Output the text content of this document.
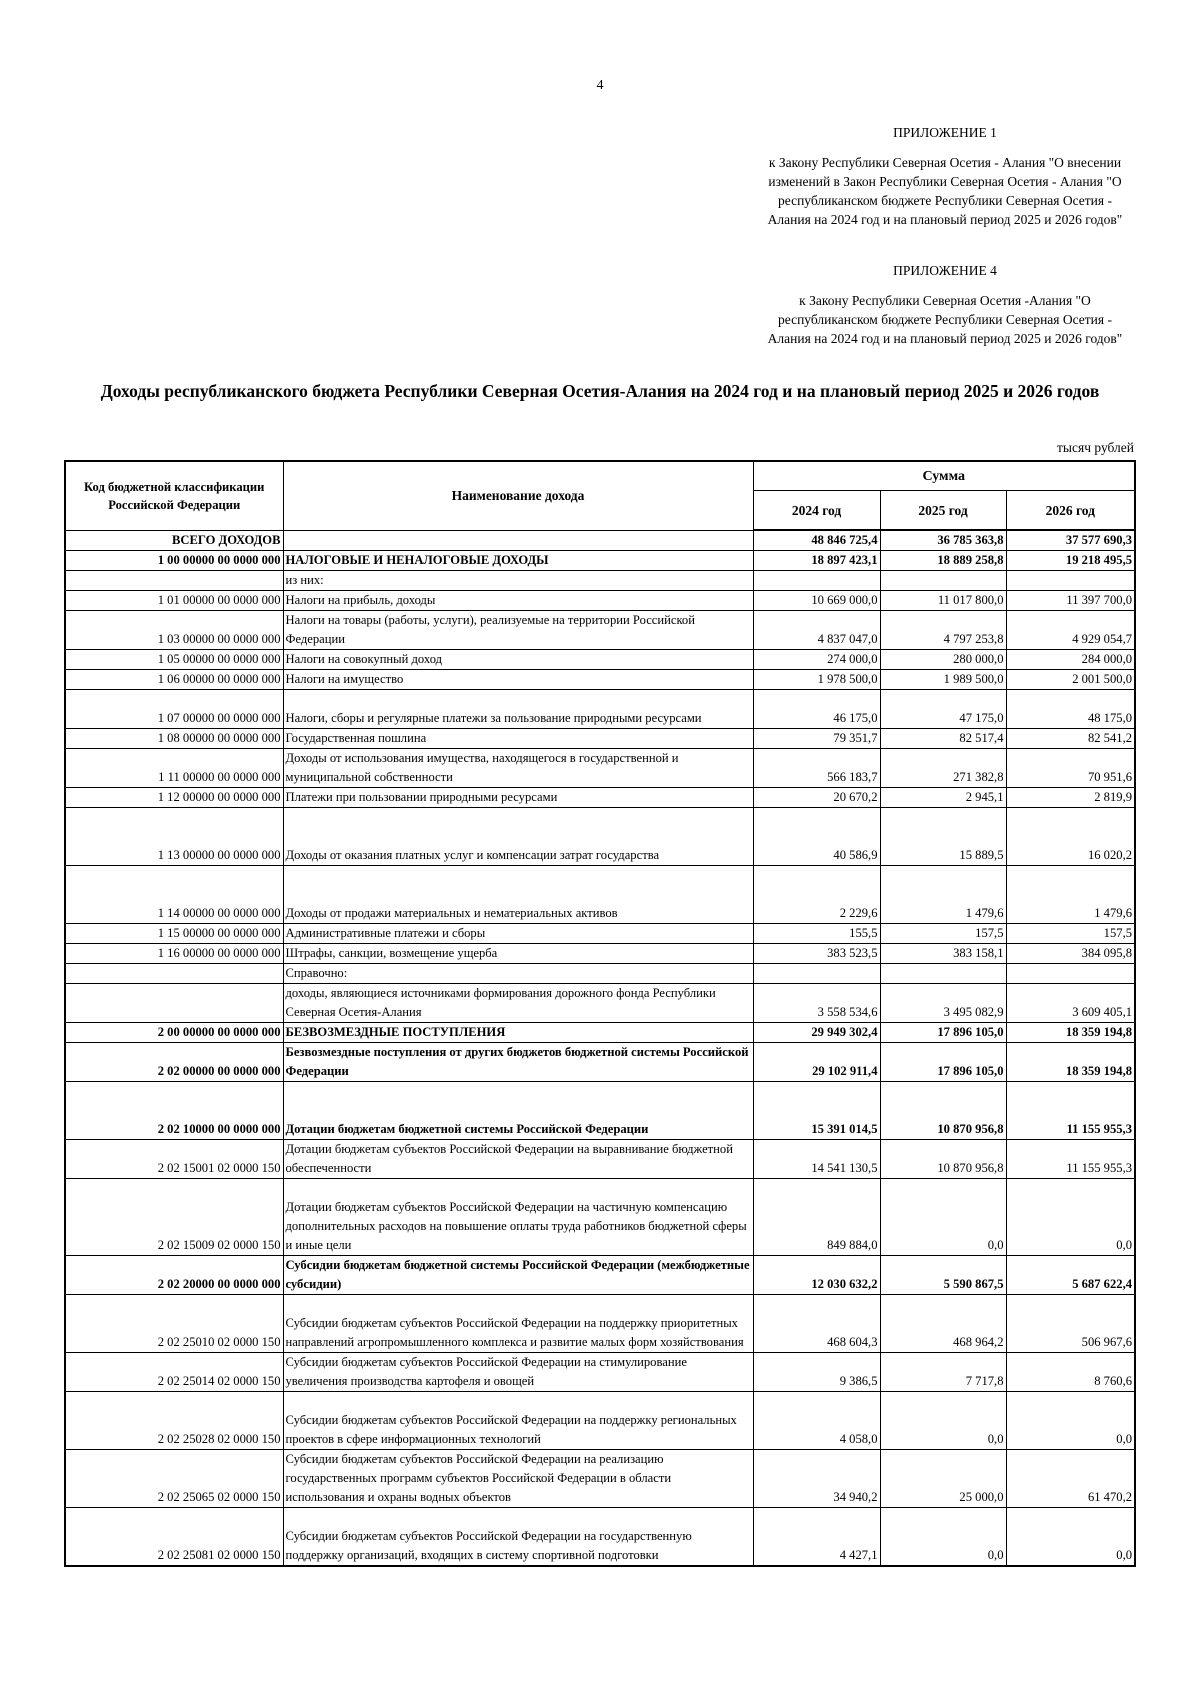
4

ПРИЛОЖЕНИЕ 1

к Закону Республики Северная Осетия - Алания "О внесении изменений в Закон Республики Северная Осетия - Алания "О республиканском бюджете Республики Северная Осетия - Алания на 2024 год и на плановый период 2025 и 2026 годов"

ПРИЛОЖЕНИЕ 4

к Закону Республики Северная Осетия -Алания "О республиканском бюджете Республики Северная Осетия - Алания на 2024 год и на плановый период 2025 и 2026 годов"

Доходы республиканского бюджета Республики Северная Осетия-Алания на 2024 год и на плановый период 2025 и 2026 годов
тысяч рублей
Код бюджетной классификации Российской Федерации	Наименование дохода	Сумма		
		2024 год	2025 год	2026 год
ВСЕГО ДОХОДОВ		48 846 725,4	36 785 363,8	37 577 690,3
1 00 00000 00 0000 000	НАЛОГОВЫЕ И НЕНАЛОГОВЫЕ ДОХОДЫ	18 897 423,1	18 889 258,8	19 218 495,5
	из них:			
1 01 00000 00 0000 000	Налоги на прибыль, доходы	10 669 000,0	11 017 800,0	11 397 700,0
1 03 00000 00 0000 000	Налоги на товары (работы, услуги), реализуемые на территории Российской Федерации	4 837 047,0	4 797 253,8	4 929 054,7
1 05 00000 00 0000 000	Налоги на совокупный доход	274 000,0	280 000,0	284 000,0
1 06 00000 00 0000 000	Налоги на имущество	1 978 500,0	1 989 500,0	2 001 500,0
1 07 00000 00 0000 000	Налоги, сборы и регулярные платежи за пользование природными ресурсами	46 175,0	47 175,0	48 175,0
1 08 00000 00 0000 000	Государственная пошлина	79 351,7	82 517,4	82 541,2
1 11 00000 00 0000 000	Доходы от использования имущества, находящегося в государственной и муниципальной собственности	566 183,7	271 382,8	70 951,6
1 12 00000 00 0000 000	Платежи при пользовании природными ресурсами	20 670,2	2 945,1	2 819,9
1 13 00000 00 0000 000	Доходы от оказания платных услуг и компенсации затрат государства	40 586,9	15 889,5	16 020,2
1 14 00000 00 0000 000	Доходы от продажи материальных и нематериальных активов	2 229,6	1 479,6	1 479,6
1 15 00000 00 0000 000	Административные платежи и сборы	155,5	157,5	157,5
1 16 00000 00 0000 000	Штрафы, санкции, возмещение ущерба	383 523,5	383 158,1	384 095,8
	Справочно:			
	доходы, являющиеся источниками формирования дорожного фонда Республики Северная Осетия-Алания	3 558 534,6	3 495 082,9	3 609 405,1
2 00 00000 00 0000 000	БЕЗВОЗМЕЗДНЫЕ ПОСТУПЛЕНИЯ	29 949 302,4	17 896 105,0	18 359 194,8
2 02 00000 00 0000 000	Безвозмездные поступления от других бюджетов бюджетной системы Российской Федерации	29 102 911,4	17 896 105,0	18 359 194,8
2 02 10000 00 0000 000	Дотации бюджетам бюджетной системы Российской Федерации	15 391 014,5	10 870 956,8	11 155 955,3
2 02 15001 02 0000 150	Дотации бюджетам субъектов Российской Федерации на выравнивание бюджетной обеспеченности	14 541 130,5	10 870 956,8	11 155 955,3
2 02 15009 02 0000 150	Дотации бюджетам субъектов Российской Федерации на частичную компенсацию дополнительных расходов на повышение оплаты труда работников бюджетной сферы и иные цели	849 884,0	0,0	0,0
2 02 20000 00 0000 000	Субсидии бюджетам бюджетной системы Российской Федерации (межбюджетные субсидии)	12 030 632,2	5 590 867,5	5 687 622,4
2 02 25010 02 0000 150	Субсидии бюджетам субъектов Российской Федерации на поддержку приоритетных направлений агропромышленного комплекса и развитие малых форм хозяйствования	468 604,3	468 964,2	506 967,6
2 02 25014 02 0000 150	Субсидии бюджетам субъектов Российской Федерации на стимулирование увеличения производства картофеля и овощей	9 386,5	7 717,8	8 760,6
2 02 25028 02 0000 150	Субсидии бюджетам субъектов Российской Федерации на поддержку региональных проектов в сфере информационных технологий	4 058,0	0,0	0,0
2 02 25065 02 0000 150	Субсидии бюджетам субъектов Российской Федерации на реализацию государственных программ субъектов Российской Федерации в области использования и охраны водных объектов	34 940,2	25 000,0	61 470,2
2 02 25081 02 0000 150	Субсидии бюджетам субъектов Российской Федерации на государственную поддержку организаций, входящих в систему спортивной подготовки	4 427,1	0,0	0,0
